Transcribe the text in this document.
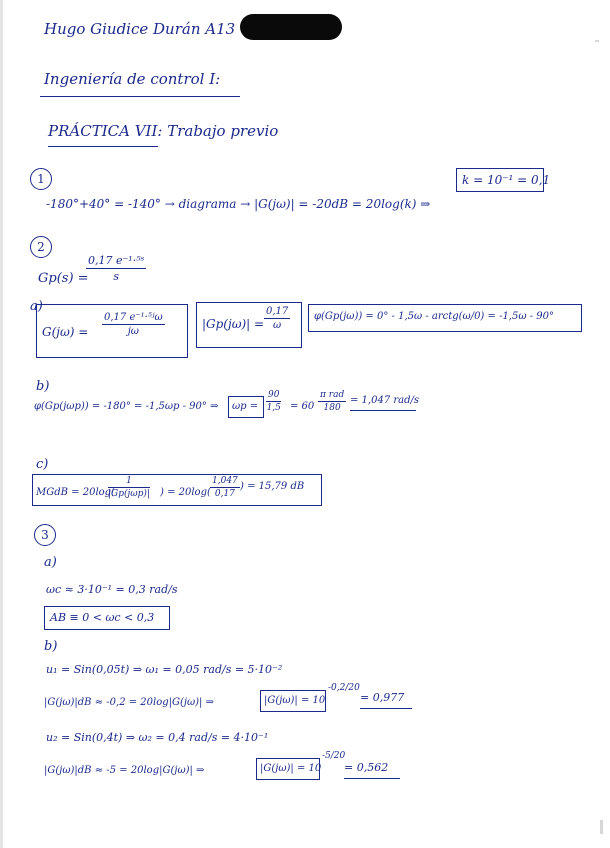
Hugo Giudice Durán A13
Ingeniería de control I:
PRÁCTICA VII: Trabajo previo
1
-180°+40° = -140° → diagrama → |G(jω)| = -20dB = 20log(k) ⇒
k = 10⁻¹ = 0,1
2
Gp(s) =
$\frac{\text{0,17 e⁻¹·⁵ˢ}}{s}$
a)
$G(j\omega) = \frac{\text{0,17 e⁻¹·⁵ʲω}}{j\omega}$	$|Gp(j\omega)| = \frac{0,17}{\omega} \varphi(Gp(j\omega)) = 0^\circ - 1,5\omega$ - arctg(ω/0) = -1,5ω - 90°
b)
φ(Gp(jωp)) = -180° = -1,5ωp - 90° ⇒ $\omega p = \frac{90}{1,5} = 60$
π rad
180
= 1,047 rad/s
c)
MGdB = 20log(
1
|Gp(jωp)| ) = $20\log( \frac{1,047}{0,17}$ ) = 15,79 dB
3
a)
ωc ≈ 3·10⁻¹ = 0,3 rad/s
AB ≡ 0 < ωc < 0,3
b)
u₁ = Sin(0,05t) ⇒ ω₁ = 0,05 rad/s = 5·10⁻²
|G(jω)|dB ≈ -0,2 = 20log|G(jω)| ⇒	|G(jω)| = 10
-0,2/20
= 0,977
u₂ = Sin(0,4t) ⇒ ω₂ = 0,4 rad/s = 4·10⁻¹
|G(jω)|dB ≈ -5 = 20log|G(jω)| ⇒	|G(jω)| = 10
-5/20
= 0,562
